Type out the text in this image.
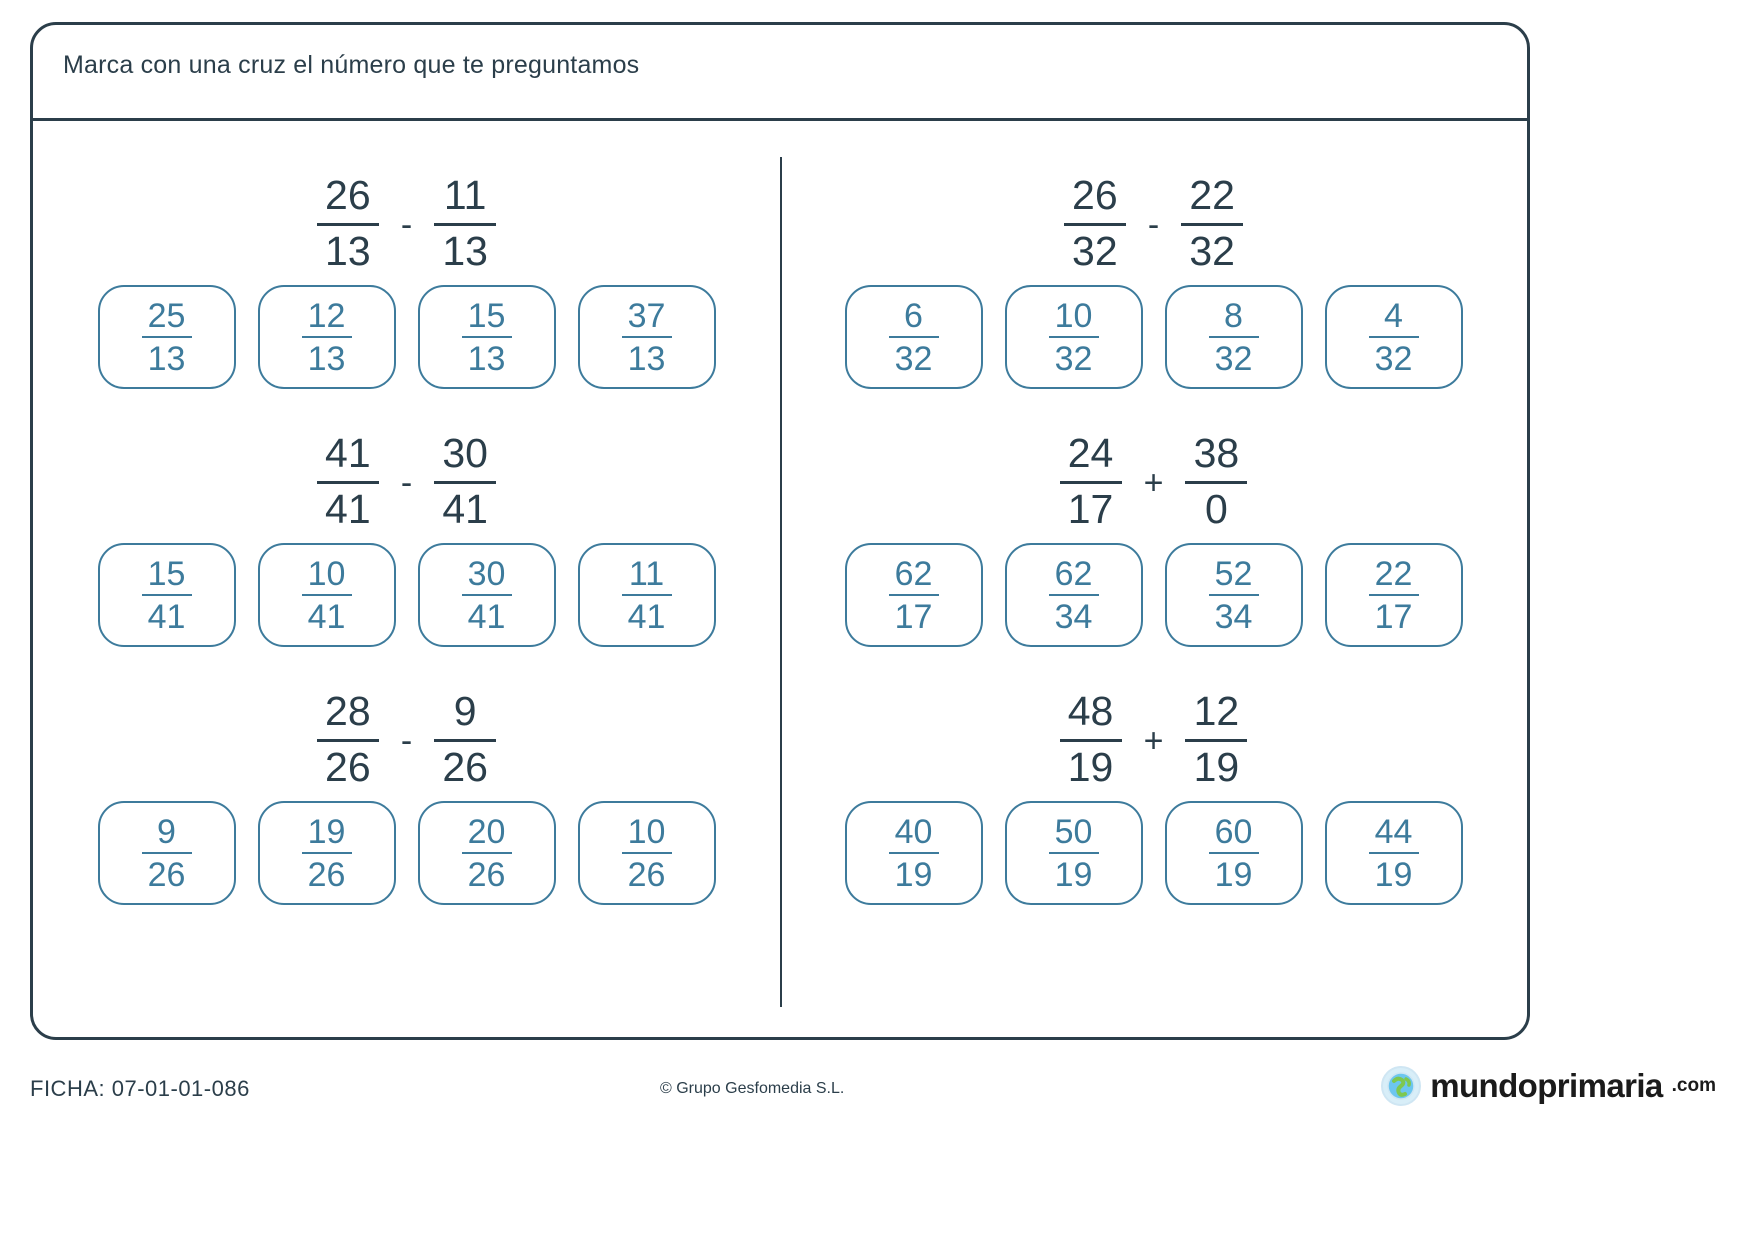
Marca con una cruz el número que te preguntamos
$\frac{26}{13} - \frac{11}{13}$
$\frac{25}{13}$	$\frac{12}{13}$	$\frac{15}{13}$	$\frac{37}{13}$
$\frac{41}{41} - \frac{30}{41}$
$\frac{15}{41}$	$\frac{10}{41}$	$\frac{30}{41}$	$\frac{11}{41}$
$\frac{28}{26} - \frac{9}{26}$
$\frac{9}{26}$	$\frac{19}{26}$	$\frac{20}{26}$	$\frac{10}{26}$
$\frac{26}{32} - \frac{22}{32}$
$\frac{6}{32}$	$\frac{10}{32}$	$\frac{8}{32}$	$\frac{4}{32}$
$\frac{24}{17} + \frac{38}{0}$
$\frac{62}{17}$	$\frac{62}{34}$	$\frac{52}{34}$	$\frac{22}{17}$
$\frac{48}{19} + \frac{12}{19}$
$\frac{40}{19}$	$\frac{50}{19}$	$\frac{60}{19}$	$\frac{44}{19}$
FICHA: 07-01-01-086	© Grupo Gesfomedia S.L.	mundoprimaria .com
